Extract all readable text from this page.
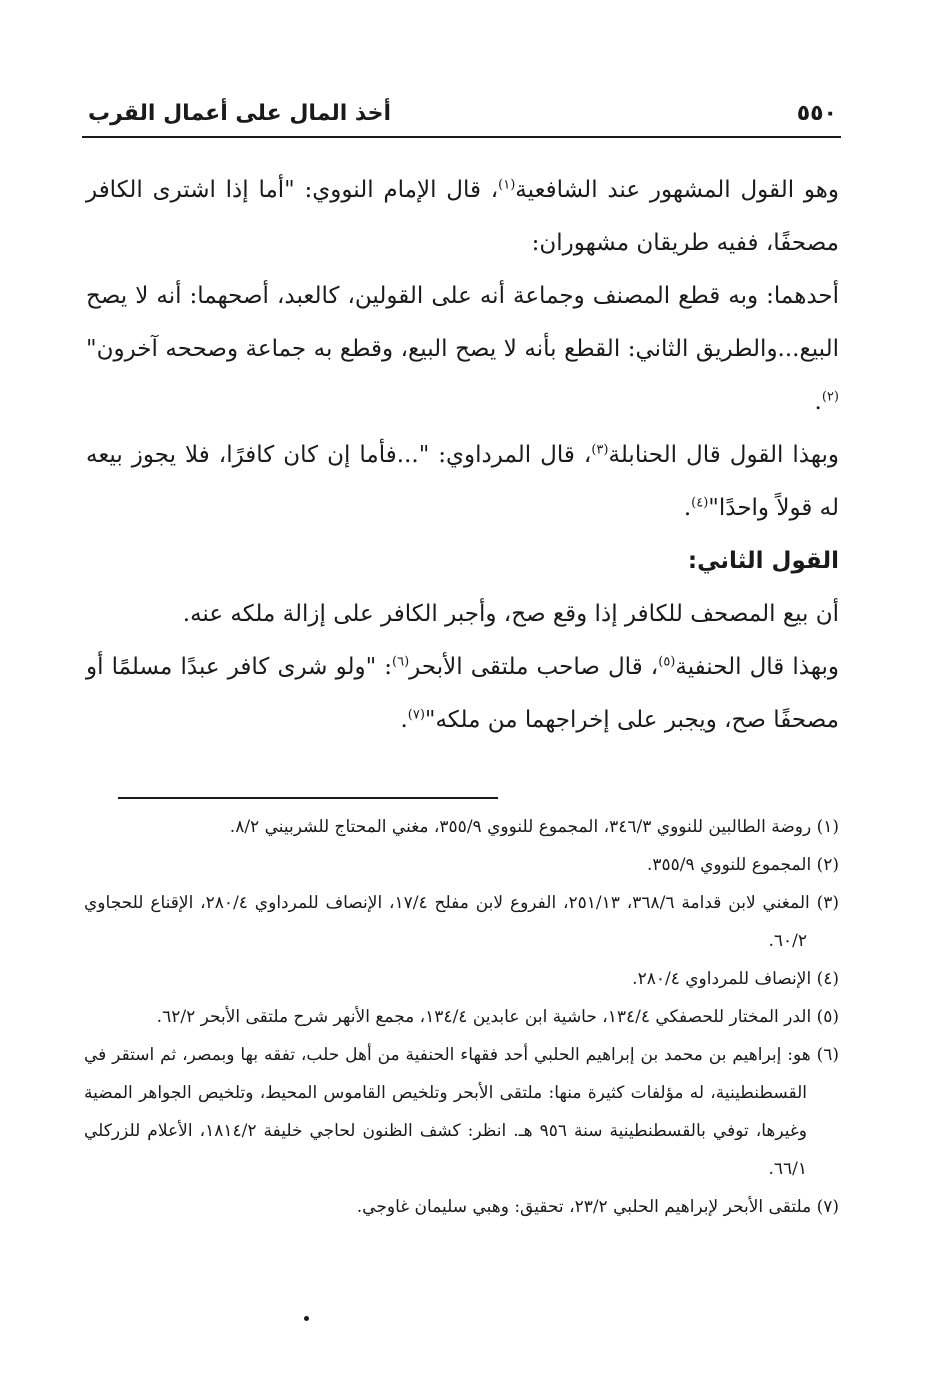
٥٥٠
أخذ المال على أعمال القرب

وهو القول المشهور عند الشافعية$^{(١)}$، قال الإمام النووي: "أما إذا اشترى الكافر مصحفًا، ففيه طريقان مشهوران:

أحدهما: وبه قطع المصنف وجماعة أنه على القولين، كالعبد، أصحهما: أنه لا يصح البيع...والطريق الثاني: القطع بأنه لا يصح البيع، وقطع به جماعة وصححه آخرون"$^{(٢)}$.

وبهذا القول قال الحنابلة$^{(٣)}$، قال المرداوي: "...فأما إن كان كافرًا، فلا يجوز بيعه له قولاً واحدًا"$^{(٤)}$.

القول الثاني:

أن بيع المصحف للكافر إذا وقع صح، وأجبر الكافر على إزالة ملكه عنه.

وبهذا قال الحنفية$^{(٥)}$، قال صاحب ملتقى الأبحر$^{(٦)}$: "ولو شرى كافر عبدًا مسلمًا أو مصحفًا صح، ويجبر على إخراجهما من ملكه"$^{(٧)}$.

(١) روضة الطالبين للنووي ٣٤٦/٣، المجموع للنووي ٣٥٥/٩، مغني المحتاج للشربيني ٨/٢.

(٢) المجموع للنووي ٣٥٥/٩.

(٣) المغني لابن قدامة ٣٦٨/٦، ٢٥١/١٣، الفروع لابن مفلح ١٧/٤، الإنصاف للمرداوي ٢٨٠/٤، الإقناع للحجاوي ٦٠/٢.

(٤) الإنصاف للمرداوي ٢٨٠/٤.

(٥) الدر المختار للحصفكي ١٣٤/٤، حاشية ابن عابدين ١٣٤/٤، مجمع الأنهر شرح ملتقى الأبحر ٦٢/٢.

(٦) هو: إبراهيم بن محمد بن إبراهيم الحلبي أحد فقهاء الحنفية من أهل حلب، تفقه بها وبمصر، ثم استقر في القسطنطينية، له مؤلفات كثيرة منها: ملتقى الأبحر وتلخيص القاموس المحيط، وتلخيص الجواهر المضية وغيرها، توفي بالقسطنطينية سنة ٩٥٦ هـ. انظر: كشف الظنون لحاجي خليفة ١٨١٤/٢، الأعلام للزركلي ٦٦/١.

(٧) ملتقى الأبحر لإبراهيم الحلبي ٢٣/٢، تحقيق: وهبي سليمان غاوجي.
